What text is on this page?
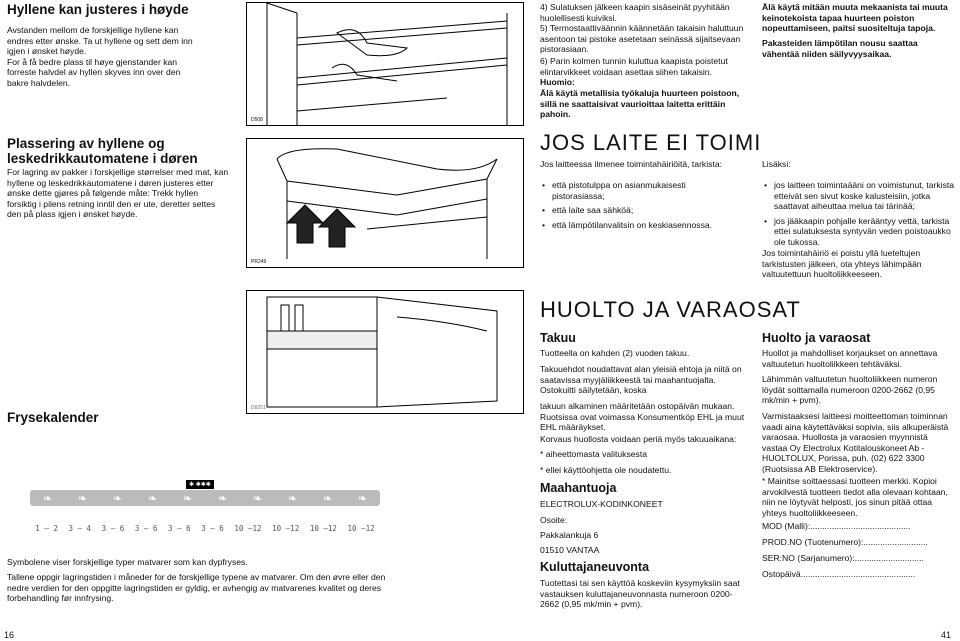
Hyllene kan justeres i høyde
Avstanden mellom de forskjellige hyllene kan endres etter ønske. Ta ut hyllene og sett dem inn igjen i ønsket høyde.
For å få bedre plass til høye gjenstander kan forreste halvdel av hyllen skyves inn over den bakre halvdelen.
Plassering av hyllene og leskedrikkautomatene i døren
For lagring av pakker i forskjellige størrelser med mat, kan hyllene og leskedrikkautomatene i døren justeres etter ønske dette gjøres på følgende måte: Trekk hyllen forsiktig i pilens retning inntil den er ute, deretter settes den på plass igjen i ønsket høyde.
Frysekalender
D508
PR249
D8251
✱ ✱✱✱
❧ ❧ ❧ ❧ ❧ ❧ ❧ ❧ ❧ ❧
1 – 2 3 – 4 3 – 6 3 – 6 3 – 6 3 – 6 10 –12 10 –12 10 –12 10 –12
Symbolene viser forskjellige typer matvarer som kan dypfryses.
Tallene oppgir lagringstiden i måneder for de forskjellige typene av matvarer. Om den øvre eller den nedre verdien for den oppgitte lagringstiden er gyldig, er avhengig av matvarenes kvalitet og deres forbehandling før innfrysing.
16
4) Sulatuksen jälkeen kaapin sisäseinät pyyhitään huolellisesti kuiviksi.
5) Termostaattiväännin käännetään takaisin haluttuun asentoon tai pistoke asetetaan seinässä sijaitsevaan pistorasiaan.
6) Parin kolmen tunnin kuluttua kaapista poistetut elintarvikkeet voidaan asettaa siihen takaisin.
Huomio:
Älä käytä metallisia työkaluja huurteen poistoon, sillä ne saattaisivat vaurioittaa laitetta erittäin pahoin.
JOS LAITE EI TOIMI
Jos laitteessa ilmenee toimintahäiriöitä, tarkista:
• että pistotulppa on asianmukaisesti pistorasiassa;
• että laite saa sähköä;
• että lämpötilanvalitsin on keskiasennossa.
HUOLTO JA VARAOSAT
Takuu
Tuotteella on kahden (2) vuoden takuu.
Takuuehdot noudattavat alan yleisiä ehtoja ja niitä on saatavissa myyjäliikkeestä tai maahantuojalta. Ostokuitti säilytetään, koska
takuun alkaminen määritetään ostopäivän mukaan. Ruotsissa ovat voimassa Konsumentköp EHL ja muut EHL määräykset.
Korvaus huollosta voidaan periä myös takuuaikana:
* aiheettomasta valituksesta
* ellei käyttöohjetta ole noudatettu.
Maahantuoja
ELECTROLUX-KODINKONEET
Osoite:
Pakkalankuja 6
01510 VANTAA
Kuluttajaneuvonta
Tuotettasi tai sen käyttöä koskeviin kysymyksiin saat vastauksen kuluttajaneuvonnasta numeroon 0200-2662 (0,95 mk/min + pvm).
Älä käytä mitään muuta mekaanista tai muuta keinotekoista tapaa huurteen poiston nopeuttamiseen, paitsi suositeltuja tapoja.
Pakasteiden lämpötilan nousu saattaa vähentää niiden säilyvyysaikaa.
Lisäksi:
• jos laitteen toimintaääni on voimistunut, tarkista etteivät sen sivut koske kalusteisiin, jotka saattavat aiheuttaa melua tai tärinää;
• jos jääkaapin pohjalle kerääntyy vettä, tarkista ettei sulatuksesta syntyvän veden poistoaukko ole tukossa.
Jos toimintahäiriö ei poistu yllä lueteltujen tarkistusten jälkeen, ota yhteys lähimpään valtuutettuun huoltoliikkeeseen.
Huolto ja varaosat
Huollot ja mahdolliset korjaukset on annettava valtuutetun huoltoliikkeen tehtäväksi.
Lähimmän valtuutetun huoltoliikkeen numeron löydät soittamalla numeroon 0200-2662 (0,95 mk/min + pvm).
Varmistaaksesi laitteesi moitteettoman toiminnan vaadi aina käytettäväksi sopivia, siis alkuperäistä varaosaa. Huollosta ja varaosien myynnistä vastaa Oy Electrolux Kotitalouskoneet Ab - HUOLTOLUX, Porissa, puh. (02) 622 3300 (Ruotsissa AB Elektroservice).
* Mainitse soittaessasi tuotteen merkki. Kopioi arvokilvestä tuotteen tiedot alla olevaan kohtaan, niin ne löytyvät helposti, jos sinun pitää ottaa yhteys huoltoliikkeeseen.
MOD (Malli):..........................................
PROD.NO (Tuotenumero):...........................
SER:NO (Sarjanumero):.............................
Ostopäivä................................................
41
